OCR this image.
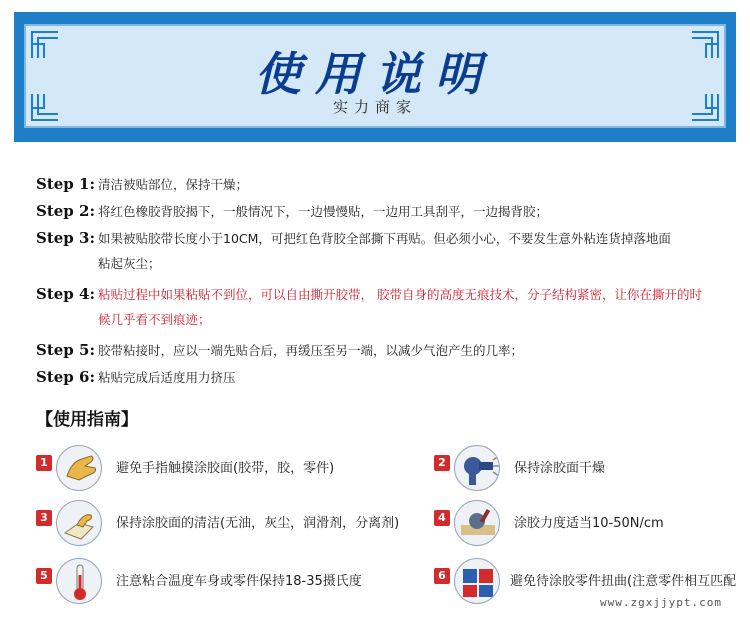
使用说明
实力商家
Step 1: 清洁被贴部位，保持干燥；
Step 2: 将红色橡胶背胶揭下，一般情况下，一边慢慢贴，一边用工具刮平，一边揭背胶；
Step 3: 如果被贴胶带长度小于10CM，可把红色背胶全部撕下再贴。但必须小心，不要发生意外粘连货掉落地面粘起灰尘；
Step 4: 粘贴过程中如果粘贴不到位，可以自由撕开胶带， 胶带自身的高度无痕技术，分子结构紧密，让你在撕开的时候几乎看不到痕迹；
Step 5: 胶带粘接时，应以一端先贴合后，再缓压至另一端，以减少气泡产生的几率；
Step 6: 粘贴完成后适度用力挤压
【使用指南】
1	避免手指触摸涂胶面(胶带，胶，零件)	2	保持涂胶面干燥
3	保持涂胶面的清洁(无油，灰尘，润滑剂，分离剂)	4	涂胶力度适当10-50N/cm
5	注意粘合温度车身或零件保持18-35摄氏度	6	避免待涂胶零件扭曲(注意零件相互匹配
www.zgxjjypt.com
